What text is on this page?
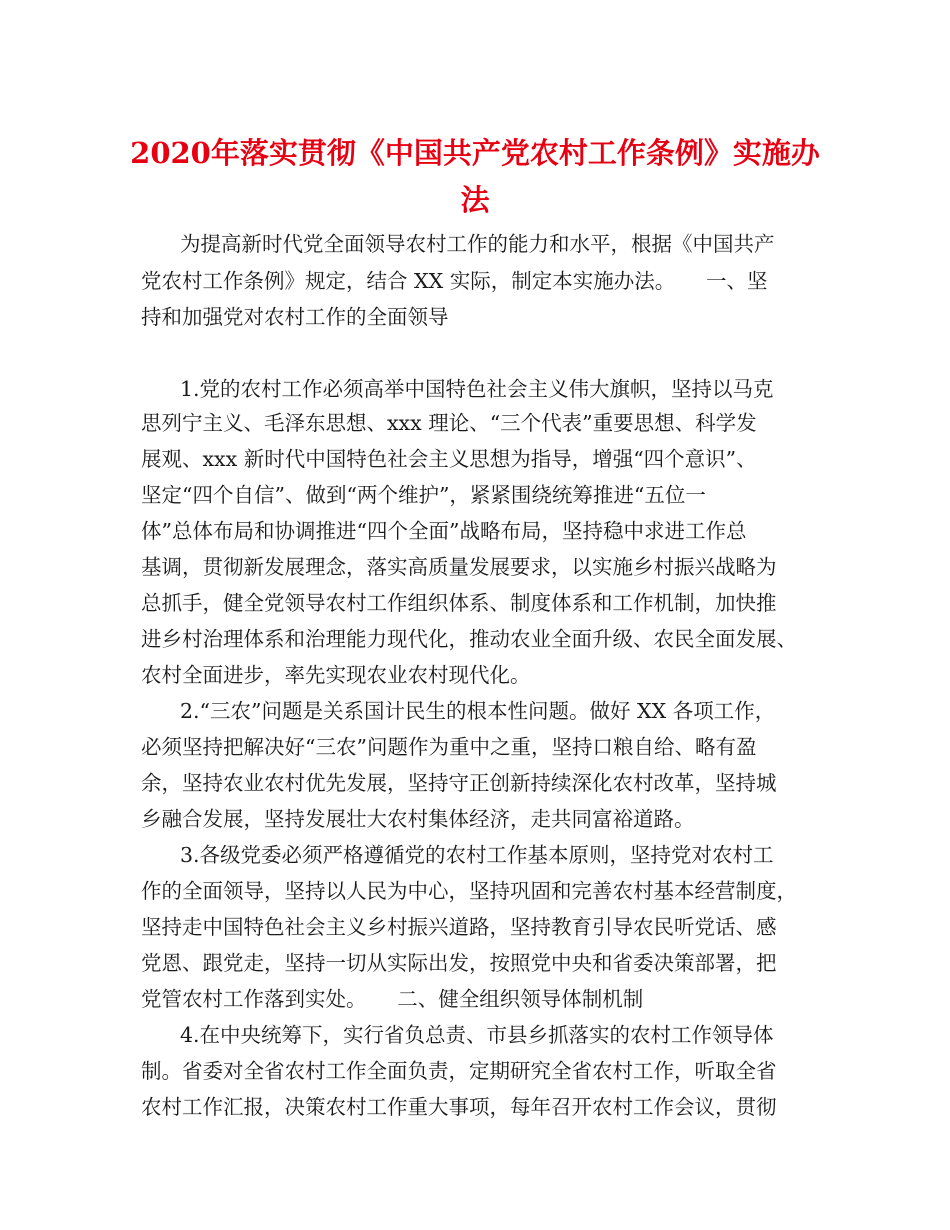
2020年落实贯彻《中国共产党农村工作条例》实施办

法

为提高新时代党全面领导农村工作的能力和水平，根据《中国共产

党农村工作条例》规定，结合 XX 实际，制定本实施办法。　　一、坚

持和加强党对农村工作的全面领导

1.党的农村工作必须高举中国特色社会主义伟大旗帜，坚持以马克

思列宁主义、毛泽东思想、xxx 理论、“三个代表”重要思想、科学发

展观、xxx 新时代中国特色社会主义思想为指导，增强“四个意识”、

坚定“四个自信”、做到“两个维护”，紧紧围绕统筹推进“五位一

体”总体布局和协调推进“四个全面”战略布局，坚持稳中求进工作总

基调，贯彻新发展理念，落实高质量发展要求，以实施乡村振兴战略为

总抓手，健全党领导农村工作组织体系、制度体系和工作机制，加快推

进乡村治理体系和治理能力现代化，推动农业全面升级、农民全面发展、

农村全面进步，率先实现农业农村现代化。

2.“三农”问题是关系国计民生的根本性问题。做好 XX 各项工作，

必须坚持把解决好“三农”问题作为重中之重，坚持口粮自给、略有盈

余，坚持农业农村优先发展，坚持守正创新持续深化农村改革，坚持城

乡融合发展，坚持发展壮大农村集体经济，走共同富裕道路。

3.各级党委必须严格遵循党的农村工作基本原则，坚持党对农村工

作的全面领导，坚持以人民为中心，坚持巩固和完善农村基本经营制度，

坚持走中国特色社会主义乡村振兴道路，坚持教育引导农民听党话、感

党恩、跟党走，坚持一切从实际出发，按照党中央和省委决策部署，把

党管农村工作落到实处。　　二、健全组织领导体制机制

4.在中央统筹下，实行省负总责、市县乡抓落实的农村工作领导体

制。省委对全省农村工作全面负责，定期研究全省农村工作，听取全省

农村工作汇报，决策农村工作重大事项，每年召开农村工作会议，贯彻
